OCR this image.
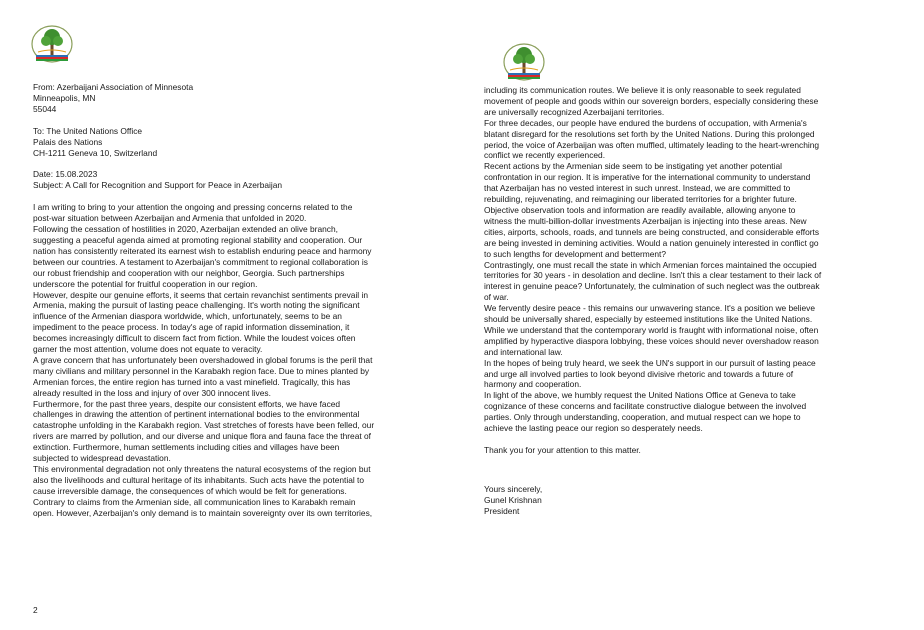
From: Azerbaijani Association of Minnesota
Minneapolis, MN
55044
To: The United Nations Office
Palais des Nations
CH-1211 Geneva 10, Switzerland
Date: 15.08.2023
Subject: A Call for Recognition and Support for Peace in Azerbaijan
I am writing to bring to your attention the ongoing and pressing concerns related to the
post-war situation between Azerbaijan and Armenia that unfolded in 2020.
Following the cessation of hostilities in 2020, Azerbaijan extended an olive branch,
suggesting a peaceful agenda aimed at promoting regional stability and cooperation. Our
nation has consistently reiterated its earnest wish to establish enduring peace and harmony
between our countries. A testament to Azerbaijan's commitment to regional collaboration is
our robust friendship and cooperation with our neighbor, Georgia. Such partnerships
underscore the potential for fruitful cooperation in our region.
However, despite our genuine efforts, it seems that certain revanchist sentiments prevail in
Armenia, making the pursuit of lasting peace challenging. It's worth noting the significant
influence of the Armenian diaspora worldwide, which, unfortunately, seems to be an
impediment to the peace process. In today's age of rapid information dissemination, it
becomes increasingly difficult to discern fact from fiction. While the loudest voices often
garner the most attention, volume does not equate to veracity.
A grave concern that has unfortunately been overshadowed in global forums is the peril that
many civilians and military personnel in the Karabakh region face. Due to mines planted by
Armenian forces, the entire region has turned into a vast minefield. Tragically, this has
already resulted in the loss and injury of over 300 innocent lives.
Furthermore, for the past three years, despite our consistent efforts, we have faced
challenges in drawing the attention of pertinent international bodies to the environmental
catastrophe unfolding in the Karabakh region. Vast stretches of forests have been felled, our
rivers are marred by pollution, and our diverse and unique flora and fauna face the threat of
extinction. Furthermore, human settlements including cities and villages have been
subjected to widespread devastation.
This environmental degradation not only threatens the natural ecosystems of the region but
also the livelihoods and cultural heritage of its inhabitants. Such acts have the potential to
cause irreversible damage, the consequences of which would be felt for generations.
Contrary to claims from the Armenian side, all communication lines to Karabakh remain
open. However, Azerbaijan's only demand is to maintain sovereignty over its own territories,
2
including its communication routes. We believe it is only reasonable to seek regulated
movement of people and goods within our sovereign borders, especially considering these
are universally recognized Azerbaijani territories.
For three decades, our people have endured the burdens of occupation, with Armenia's
blatant disregard for the resolutions set forth by the United Nations. During this prolonged
period, the voice of Azerbaijan was often muffled, ultimately leading to the heart-wrenching
conflict we recently experienced.
Recent actions by the Armenian side seem to be instigating yet another potential
confrontation in our region. It is imperative for the international community to understand
that Azerbaijan has no vested interest in such unrest. Instead, we are committed to
rebuilding, rejuvenating, and reimagining our liberated territories for a brighter future.
Objective observation tools and information are readily available, allowing anyone to
witness the multi-billion-dollar investments Azerbaijan is injecting into these areas. New
cities, airports, schools, roads, and tunnels are being constructed, and considerable efforts
are being invested in demining activities. Would a nation genuinely interested in conflict go
to such lengths for development and betterment?
Contrastingly, one must recall the state in which Armenian forces maintained the occupied
territories for 30 years - in desolation and decline. Isn't this a clear testament to their lack of
interest in genuine peace? Unfortunately, the culmination of such neglect was the outbreak
of war.
We fervently desire peace - this remains our unwavering stance. It's a position we believe
should be universally shared, especially by esteemed institutions like the United Nations.
While we understand that the contemporary world is fraught with informational noise, often
amplified by hyperactive diaspora lobbying, these voices should never overshadow reason
and international law.
In the hopes of being truly heard, we seek the UN's support in our pursuit of lasting peace
and urge all involved parties to look beyond divisive rhetoric and towards a future of
harmony and cooperation.
In light of the above, we humbly request the United Nations Office at Geneva to take
cognizance of these concerns and facilitate constructive dialogue between the involved
parties. Only through understanding, cooperation, and mutual respect can we hope to
achieve the lasting peace our region so desperately needs.
Thank you for your attention to this matter.
Yours sincerely,
Gunel Krishnan
President
